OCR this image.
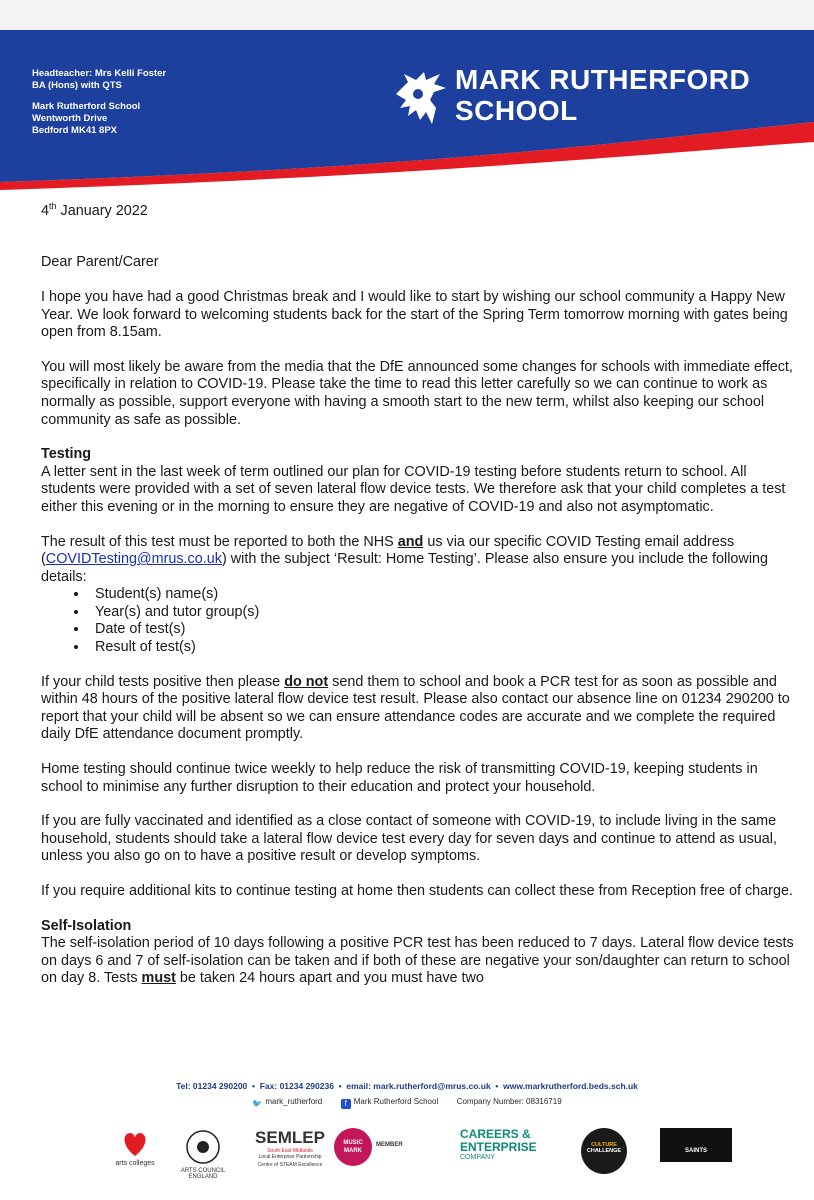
Headteacher: Mrs Kelli Foster
BA (Hons) with QTS
Mark Rutherford School
Wentworth Drive
Bedford MK41 8PX
MARK RUTHERFORD
SCHOOL

4th January 2022

Dear Parent/Carer

I hope you have had a good Christmas break and I would like to start by wishing our school community a Happy New Year. We look forward to welcoming students back for the start of the Spring Term tomorrow morning with gates being open from 8.15am.

You will most likely be aware from the media that the DfE announced some changes for schools with immediate effect, specifically in relation to COVID-19. Please take the time to read this letter carefully so we can continue to work as normally as possible, support everyone with having a smooth start to the new term, whilst also keeping our school community as safe as possible.

Testing

A letter sent in the last week of term outlined our plan for COVID-19 testing before students return to school. All students were provided with a set of seven lateral flow device tests. We therefore ask that your child completes a test either this evening or in the morning to ensure they are negative of COVID-19 and also not asymptomatic.

The result of this test must be reported to both the NHS and us via our specific COVID Testing email address (COVIDTesting@mrus.co.uk) with the subject ‘Result: Home Testing’. Please also ensure you include the following details:

• Student(s) name(s)
• Year(s) and tutor group(s)
• Date of test(s)
• Result of test(s)

If your child tests positive then please do not send them to school and book a PCR test for as soon as possible and within 48 hours of the positive lateral flow device test result. Please also contact our absence line on 01234 290200 to report that your child will be absent so we can ensure attendance codes are accurate and we complete the required daily DfE attendance document promptly.

Home testing should continue twice weekly to help reduce the risk of transmitting COVID-19, keeping students in school to minimise any further disruption to their education and protect your household.

If you are fully vaccinated and identified as a close contact of someone with COVID-19, to include living in the same household, students should take a lateral flow device test every day for seven days and continue to attend as usual, unless you also go on to have a positive result or develop symptoms.

If you require additional kits to continue testing at home then students can collect these from Reception free of charge.

Self-Isolation

The self-isolation period of 10 days following a positive PCR test has been reduced to 7 days. Lateral flow device tests on days 6 and 7 of self-isolation can be taken and if both of these are negative your son/daughter can return to school on day 8. Tests must be taken 24 hours apart and you must have two

Tel: 01234 290200  •  Fax: 01234 290236  •  email: mark.rutherford@mrus.co.uk  •  www.markrutherford.beds.sch.uk
🐦 mark_rutherford	f Mark Rutherford School Company Number: 08316719
arts colleges
ARTS COUNCIL
ENGLAND
SEMLEP
South East Midlands
Local Enterprise Partnership
Centre of STEAM Excellence
MUSIC
MARK
MEMBER
CAREERS &
ENTERPRISE
COMPANY
CULTURE
CHALLENGE	SAINTS
